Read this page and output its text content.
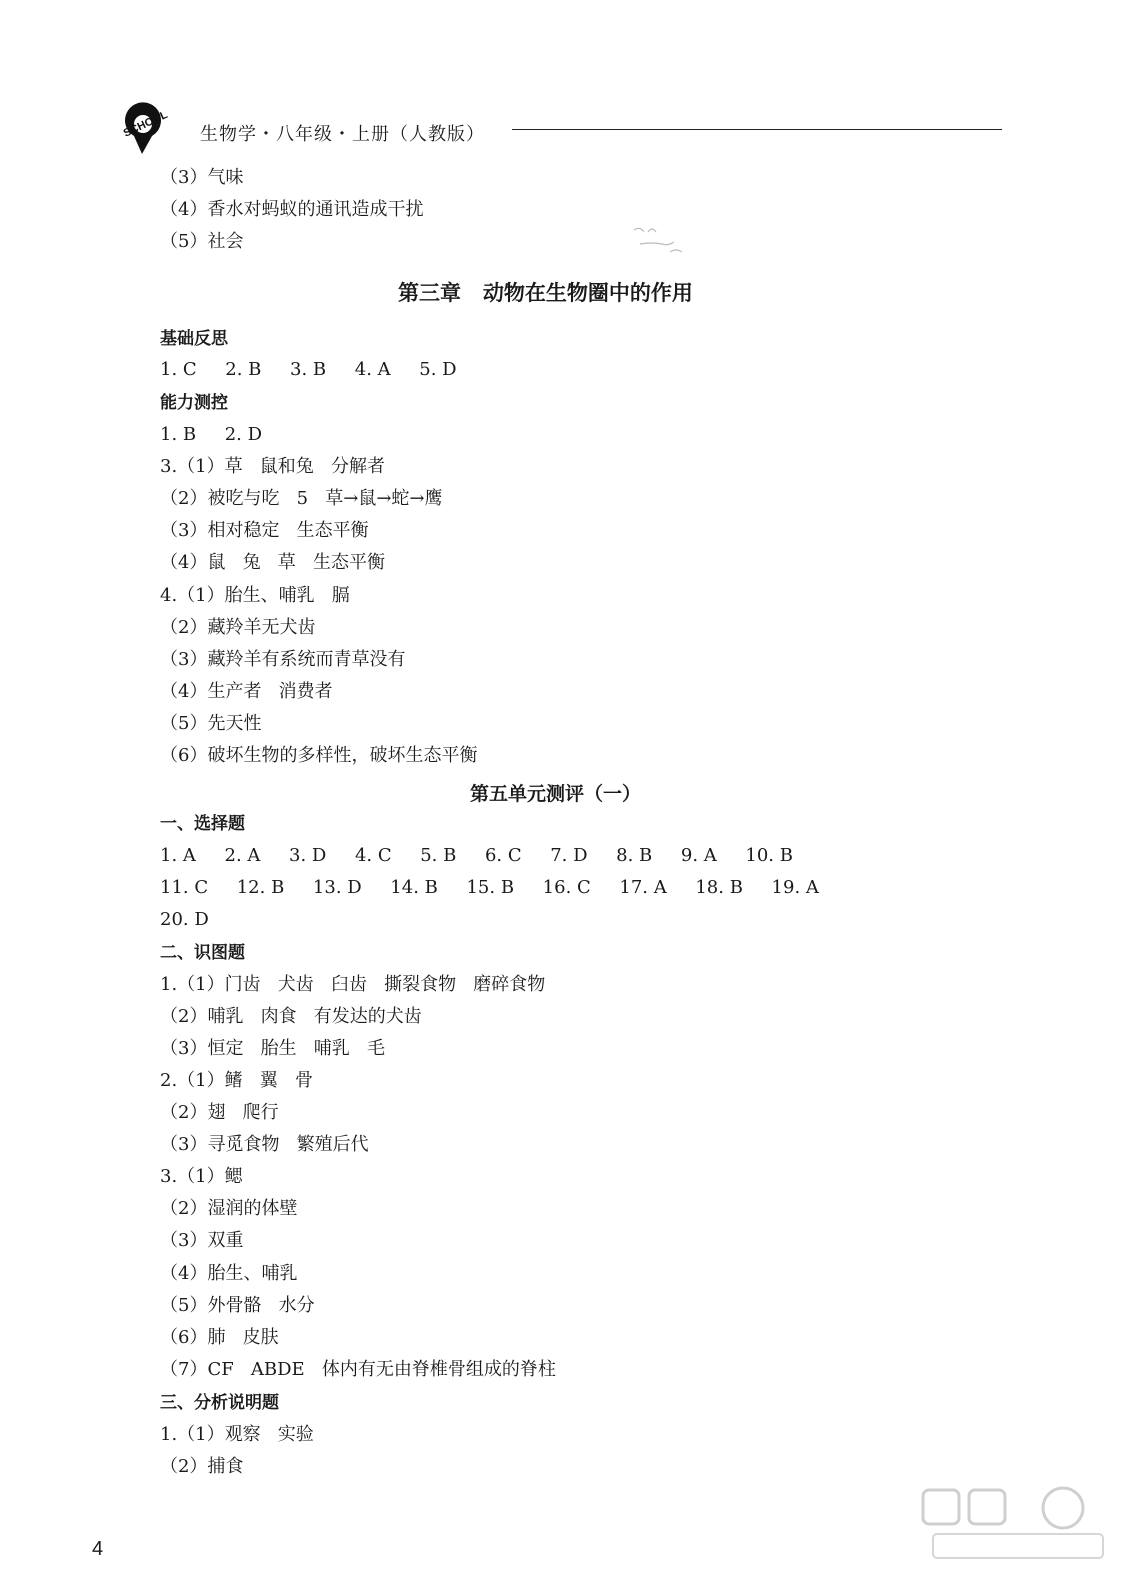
SCHOOL 生物学・八年级・上册（人教版）
（3）气味
（4）香水对蚂蚁的通讯造成干扰
（5）社会
第三章   动物在生物圈中的作用
基础反思
1. C     2. B     3. B     4. A     5. D
能力测控
1. B     2. D
3.（1）草   鼠和兔   分解者
（2）被吃与吃   5   草→鼠→蛇→鹰
（3）相对稳定   生态平衡
（4）鼠   兔   草   生态平衡
4.（1）胎生、哺乳   膈
（2）藏羚羊无犬齿
（3）藏羚羊有系统而青草没有
（4）生产者   消费者
（5）先天性
（6）破坏生物的多样性，破坏生态平衡
第五单元测评（一）
一、选择题
1. A     2. A     3. D     4. C     5. B     6. C     7. D     8. B     9. A     10. B
11. C     12. B     13. D     14. B     15. B     16. C     17. A     18. B     19. A
20. D
二、识图题
1.（1）门齿   犬齿   臼齿   撕裂食物   磨碎食物
（2）哺乳   肉食   有发达的犬齿
（3）恒定   胎生   哺乳   毛
2.（1）鳍   翼   骨
（2）翅   爬行
（3）寻觅食物   繁殖后代
3.（1）鳃
（2）湿润的体壁
（3）双重
（4）胎生、哺乳
（5）外骨骼   水分
（6）肺   皮肤
（7）CF   ABDE   体内有无由脊椎骨组成的脊柱
三、分析说明题
1.（1）观察   实验
（2）捕食
4
